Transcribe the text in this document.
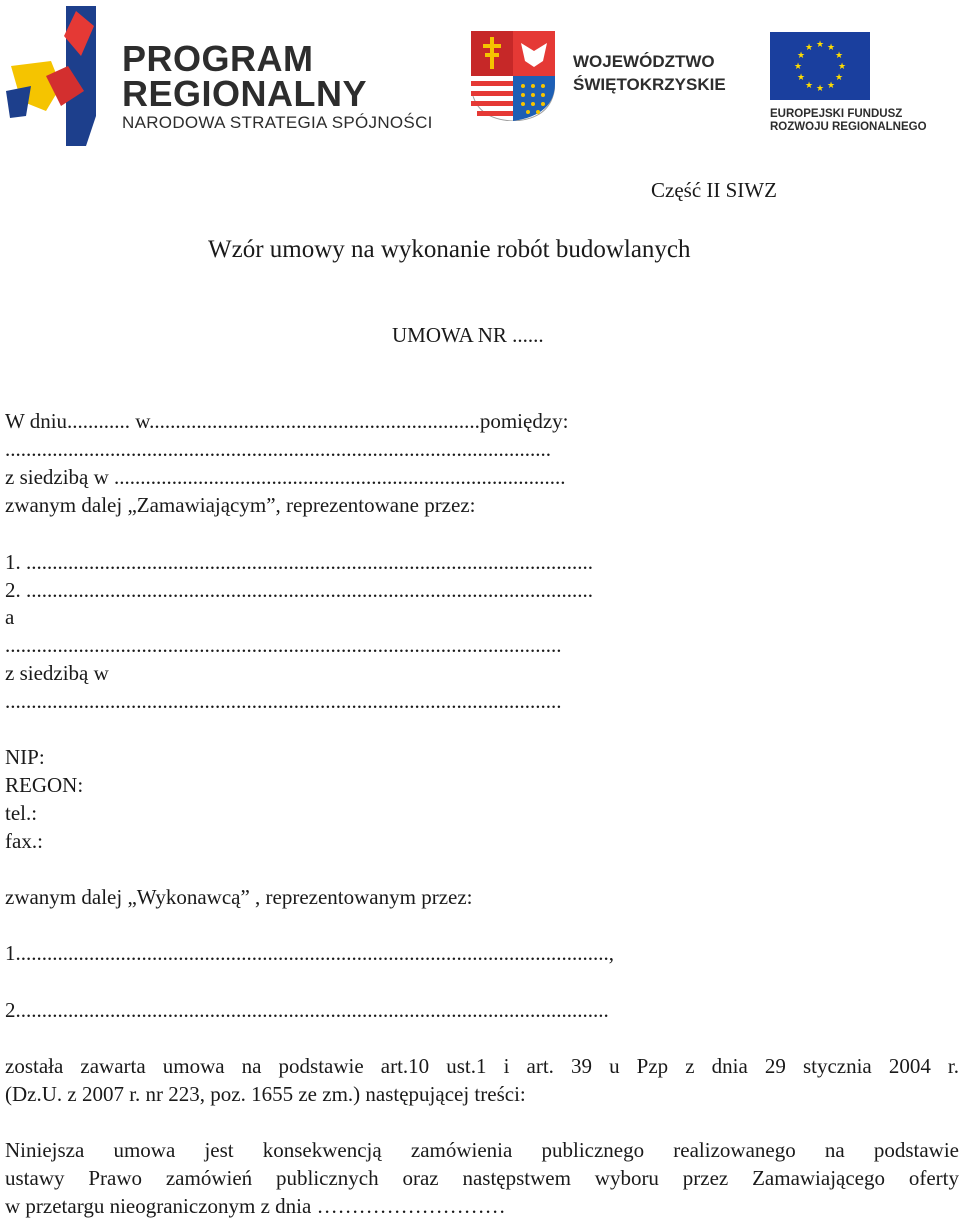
PROGRAM
REGIONALNY
NARODOWA STRATEGIA SPÓJNOŚCI
WOJEWÓDZTWO
ŚWIĘTOKRZYSKIE
★ ★
★
★
★
★
★
★
★
★
★
★
EUROPEJSKI FUNDUSZ
ROZWOJU REGIONALNEGO
Część II SIWZ
Wzór umowy na wykonanie robót budowlanych
UMOWA NR ......
W dniu............ w...............................................................pomiędzy:
........................................................................................................
z siedzibą w ......................................................................................
zwanym dalej „Zamawiającym”, reprezentowane przez:
1. ............................................................................................................
2. ............................................................................................................
a
..........................................................................................................
z siedzibą w
..........................................................................................................
NIP:
REGON:
tel.:
fax.:
zwanym dalej „Wykonawcą” , reprezentowanym przez:
1.................................................................................................................,
2.................................................................................................................
została zawarta umowa na podstawie art.10 ust.1 i art. 39 u Pzp z dnia 29 stycznia 2004 r.
(Dz.U. z 2007 r. nr 223, poz. 1655 ze zm.) następującej treści:
Niniejsza umowa jest konsekwencją zamówienia publicznego realizowanego na podstawie
ustawy Prawo zamówień publicznych oraz następstwem wyboru przez Zamawiającego oferty
w przetargu nieograniczonym z dnia ………………………
